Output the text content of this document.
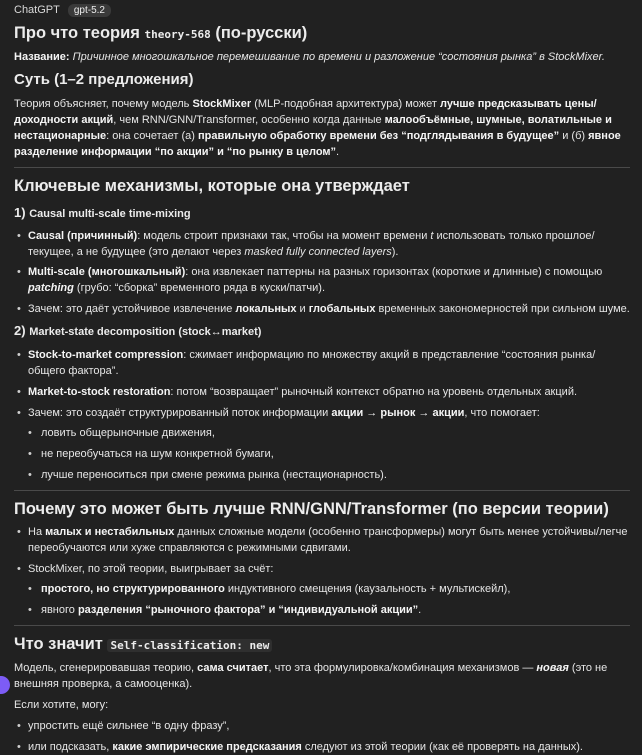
ChatGPT	gpt-5.2
Про что теория theory-568 (по-русски)

Название: Причинное многошкальное перемешивание по времени и разложение “состояния рынка” в StockMixer.

Суть (1–2 предложения)

Теория объясняет, почему модель StockMixer (MLP-подобная архитектура) может лучше предсказывать цены/доходности акций, чем RNN/GNN/Transformer, особенно когда данные малообъёмные, шумные, волатильные и нестационарные: она сочетает (а) правильную обработку времени без “подглядывания в будущее” и (б) явное разделение информации “по акции” и “по рынку в целом”.

Ключевые механизмы, которые она утверждает
1) Causal multi-scale time-mixing
• Causal (причинный): модель строит признаки так, чтобы на момент времени t использовать только прошлое/текущее, а не будущее (это делают через masked fully connected layers).
• Multi-scale (многошкальный): она извлекает паттерны на разных горизонтах (короткие и длинные) с помощью patching (грубо: “сборка” временного ряда в куски/патчи).
• Зачем: это даёт устойчивое извлечение локальных и глобальных временных закономерностей при сильном шуме.
2) Market-state decomposition (stock↔market)
• Stock-to-market compression: сжимает информацию по множеству акций в представление “состояния рынка/общего фактора”.
• Market-to-stock restoration: потом “возвращает” рыночный контекст обратно на уровень отдельных акций.
• Зачем: это создаёт структурированный поток информации акции → рынок → акции, что помогает:
• ловить общерыночные движения,
• не переобучаться на шум конкретной бумаги,
• лучше переноситься при смене режима рынка (нестационарность).
Почему это может быть лучше RNN/GNN/Transformer (по версии теории)
• На малых и нестабильных данных сложные модели (особенно трансформеры) могут быть менее устойчивы/легче переобучаются или хуже справляются с режимными сдвигами.
• StockMixer, по этой теории, выигрывает за счёт:
• простого, но структурированного индуктивного смещения (каузальность + мультискейл),
• явного разделения “рыночного фактора” и “индивидуальной акции”.
Что значит Self-classification: new

Модель, сгенерировавшая теорию, сама считает, что эта формулировка/комбинация механизмов — новая (это не внешняя проверка, а самооценка).

Если хотите, могу:

• упростить ещё сильнее “в одну фразу”,
• или подсказать, какие эмпирические предсказания следуют из этой теории (как её проверять на данных).
